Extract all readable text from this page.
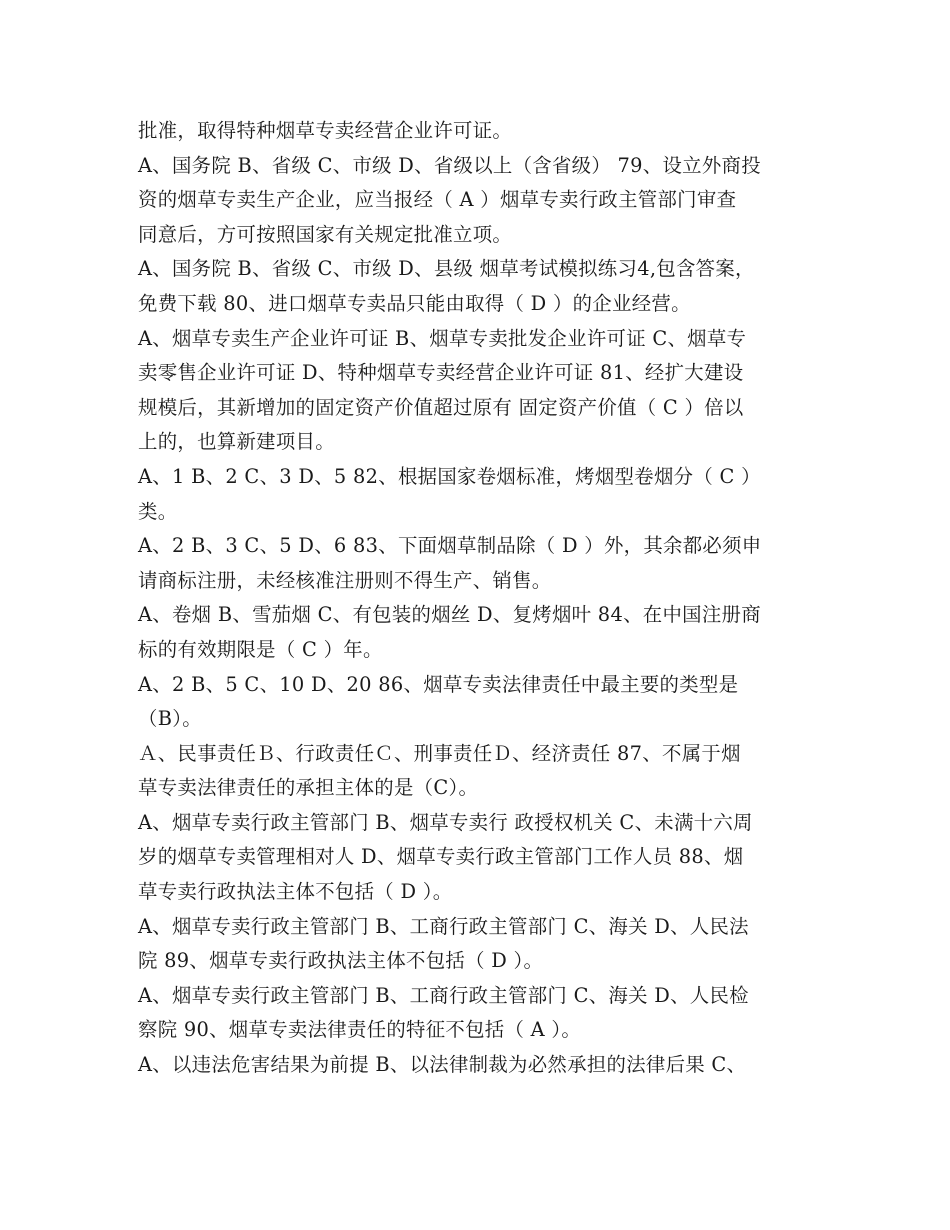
批准，取得特种烟草专卖经营企业许可证。
A、国务院 B、省级 C、市级 D、省级以上（含省级） 79、设立外商投
资的烟草专卖生产企业，应当报经（ A ）烟草专卖行政主管部门审查
同意后，方可按照国家有关规定批准立项。
A、国务院 B、省级 C、市级 D、县级 烟草考试模拟练习4,包含答案，
免费下载 80、进口烟草专卖品只能由取得（ D ）的企业经营。
A、烟草专卖生产企业许可证 B、烟草专卖批发企业许可证 C、烟草专
卖零售企业许可证 D、特种烟草专卖经营企业许可证 81、经扩大建设
规模后，其新增加的固定资产价值超过原有 固定资产价值（ C ）倍以
上的，也算新建项目。
A、1 B、2 C、3 D、5 82、根据国家卷烟标准，烤烟型卷烟分（ C ）
类。
A、2 B、3 C、5 D、6 83、下面烟草制品除（ D ）外，其余都必须申
请商标注册，未经核准注册则不得生产、销售。
A、卷烟 B、雪茄烟 C、有包装的烟丝 D、复烤烟叶 84、在中国注册商
标的有效期限是（ C ）年。
A、2 B、5 C、10 D、20 86、烟草专卖法律责任中最主要的类型是
（B）。
Ａ、民事责任Ｂ、行政责任Ｃ、刑事责任Ｄ、经济责任 87、不属于烟
草专卖法律责任的承担主体的是（C）。
A、烟草专卖行政主管部门 B、烟草专卖行 政授权机关 C、未满十六周
岁的烟草专卖管理相对人 D、烟草专卖行政主管部门工作人员 88、烟
草专卖行政执法主体不包括（ D ）。
A、烟草专卖行政主管部门 B、工商行政主管部门 C、海关 D、人民法
院 89、烟草专卖行政执法主体不包括（ D ）。
A、烟草专卖行政主管部门 B、工商行政主管部门 C、海关 D、人民检
察院 90、烟草专卖法律责任的特征不包括（ A ）。
A、以违法危害结果为前提 B、以法律制裁为必然承担的法律后果 C、
